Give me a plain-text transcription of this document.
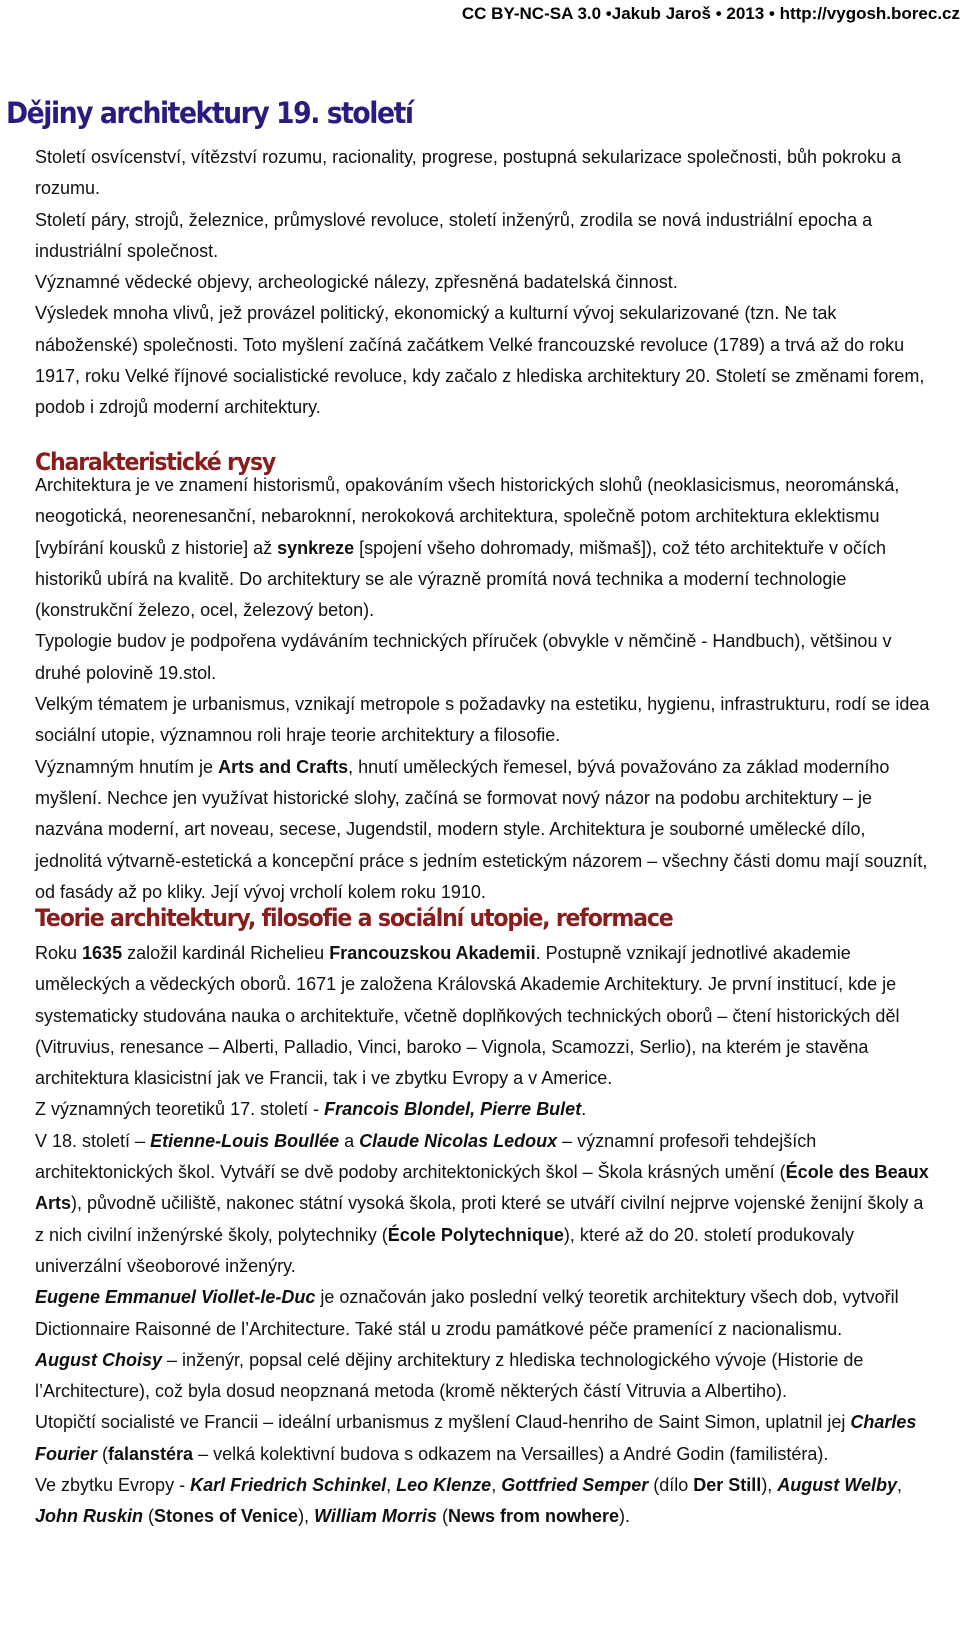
CC BY-NC-SA 3.0 •Jakub Jaroš • 2013 • http://vygosh.borec.cz
Dějiny architektury 19. století

Století osvícenství, vítězství rozumu, racionality, progrese, postupná sekularizace společnosti, bůh pokroku a rozumu.

Století páry, strojů, železnice, průmyslové revoluce, století inženýrů, zrodila se nová industriální epocha a industriální společnost.

Významné vědecké objevy, archeologické nálezy, zpřesněná badatelská činnost.

Výsledek mnoha vlivů, jež provázel politický, ekonomický a kulturní vývoj sekularizované (tzn. Ne tak náboženské) společnosti. Toto myšlení začíná začátkem Velké francouzské revoluce (1789) a trvá až do roku 1917, roku Velké říjnové socialistické revoluce, kdy začalo z hlediska architektury 20. Století se změnami forem, podob i zdrojů moderní architektury.

Charakteristické rysy

Architektura je ve znamení historismů, opakováním všech historických slohů (neoklasicismus, neorománská, neogotická, neorenesanční, nebaroknní, nerokoková architektura, společně potom architektura eklektismu [vybírání kousků z historie] až synkreze [spojení všeho dohromady, mišmaš]), což této architektuře v očích historiků ubírá na kvalitě. Do architektury se ale výrazně promítá nová technika a moderní technologie (konstrukční železo, ocel, železový beton).

Typologie budov je podpořena vydáváním technických příruček (obvykle v němčině - Handbuch), většinou v druhé polovině 19.stol.

Velkým tématem je urbanismus, vznikají metropole s požadavky na estetiku, hygienu, infrastrukturu, rodí se idea sociální utopie, významnou roli hraje teorie architektury a filosofie.

Významným hnutím je Arts and Crafts, hnutí uměleckých řemesel, bývá považováno za základ moderního myšlení. Nechce jen využívat historické slohy, začíná se formovat nový názor na podobu architektury – je nazvána moderní, art noveau, secese, Jugendstil, modern style. Architektura je souborné umělecké dílo, jednolitá výtvarně-estetická a koncepční práce s jedním estetickým názorem – všechny části domu mají souznít, od fasády až po kliky. Její vývoj vrcholí kolem roku 1910.

Teorie architektury, filosofie a sociální utopie, reformace

Roku 1635 založil kardinál Richelieu Francouzskou Akademii. Postupně vznikají jednotlivé akademie uměleckých a vědeckých oborů. 1671 je založena Královská Akademie Architektury. Je první institucí, kde je systematicky studována nauka o architektuře, včetně doplňkových technických oborů – čtení historických děl (Vitruvius, renesance – Alberti, Palladio, Vinci, baroko – Vignola, Scamozzi, Serlio), na kterém je stavěna architektura klasicistní jak ve Francii, tak i ve zbytku Evropy a v Americe.

Z významných teoretiků 17. století - Francois Blondel, Pierre Bulet.

V 18. století – Etienne-Louis Boullée a Claude Nicolas Ledoux – významní profesoři tehdejších architektonických škol. Vytváří se dvě podoby architektonických škol – Škola krásných umění (École des Beaux Arts), původně učiliště, nakonec státní vysoká škola, proti které se utváří civilní nejprve vojenské ženijní školy a z nich civilní inženýrské školy, polytechniky (École Polytechnique), které až do 20. století produkovaly univerzální všeoborové inženýry.

Eugene Emmanuel Viollet-le-Duc je označován jako poslední velký teoretik architektury všech dob, vytvořil Dictionnaire Raisonné de l’Architecture. Také stál u zrodu památkové péče pramenící z nacionalismu.

August Choisy – inženýr, popsal celé dějiny architektury z hlediska technologického vývoje (Historie de l’Architecture), což byla dosud neopznaná metoda (kromě některých částí Vitruvia a Albertiho).

Utopičtí socialisté ve Francii – ideální urbanismus z myšlení Claud-henriho de Saint Simon, uplatnil jej Charles Fourier (falanstéra – velká kolektivní budova s odkazem na Versailles) a André Godin (familistéra).

Ve zbytku Evropy - Karl Friedrich Schinkel, Leo Klenze, Gottfried Semper (dílo Der Still), August Welby, John Ruskin (Stones of Venice), William Morris (News from nowhere).
